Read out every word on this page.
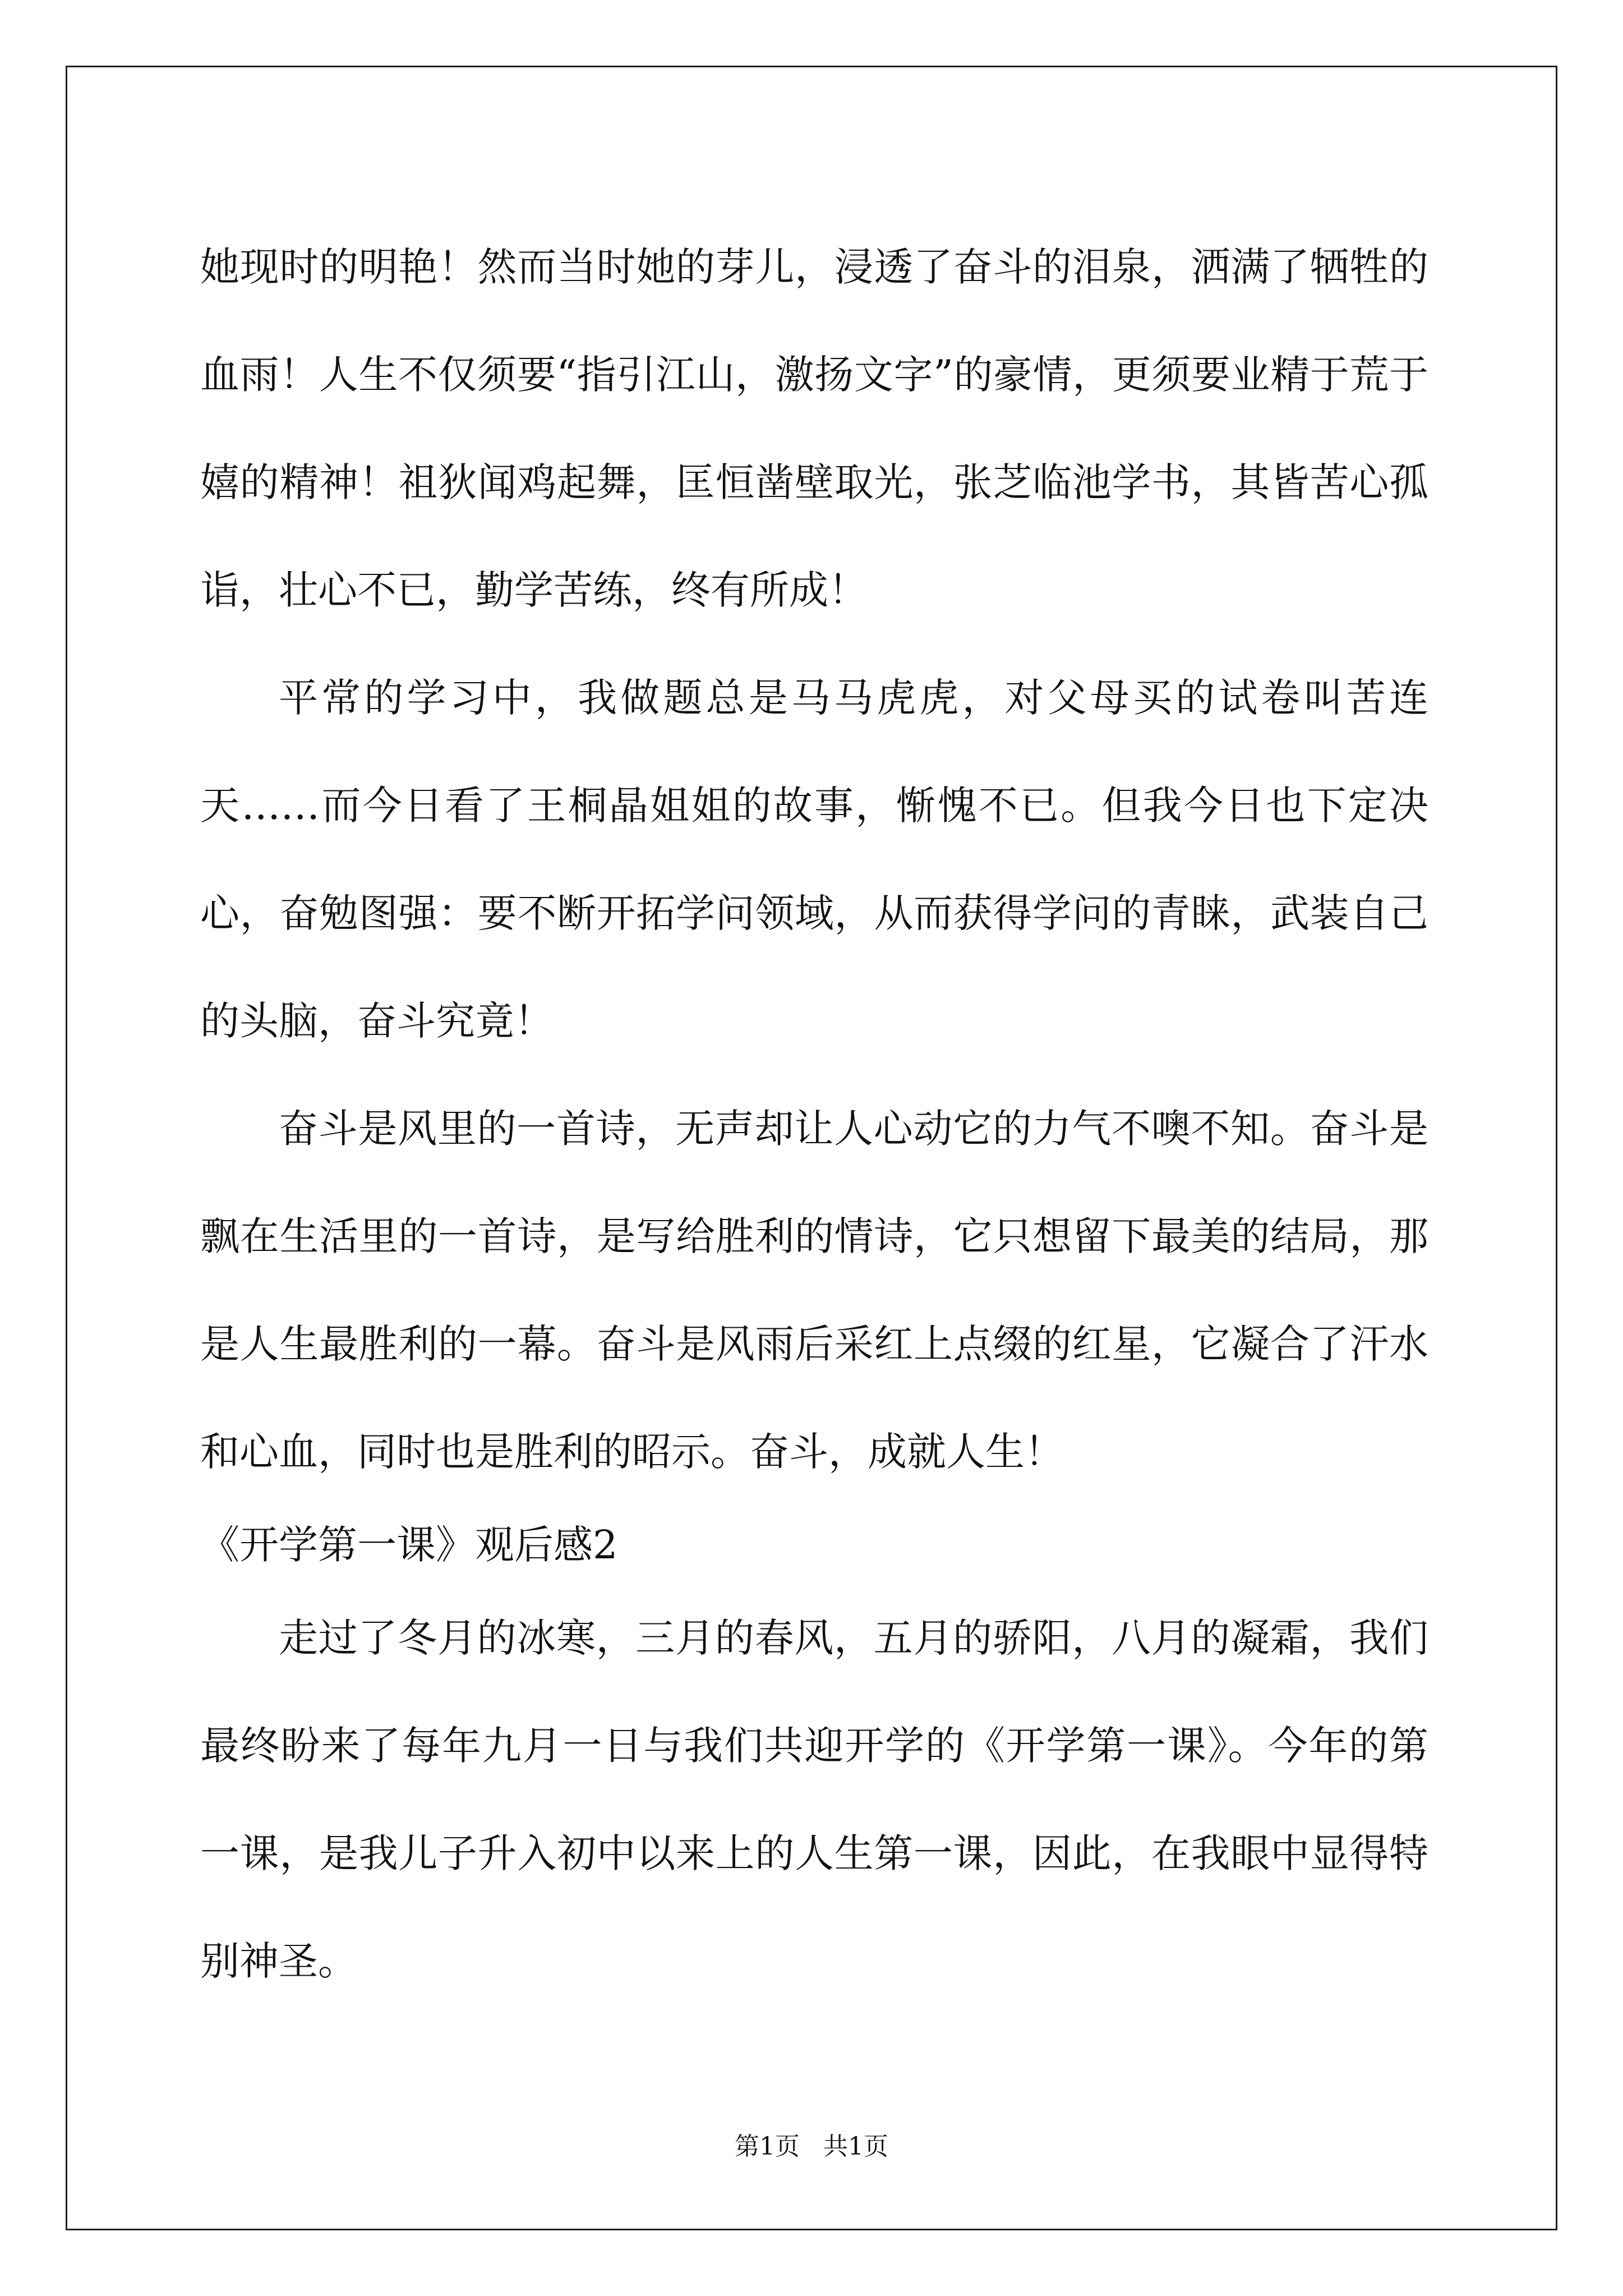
她现时的明艳！然而当时她的芽儿，浸透了奋斗的泪泉，洒满了牺牲的血雨！人生不仅须要“指引江山，激扬文字”的豪情，更须要业精于荒于嬉的精神！祖狄闻鸡起舞，匡恒凿壁取光，张芝临池学书，其皆苦心孤诣，壮心不已，勤学苦练，终有所成！

平常的学习中，我做题总是马马虎虎，对父母买的试卷叫苦连天……而今日看了王桐晶姐姐的故事，惭愧不已。但我今日也下定决心，奋勉图强：要不断开拓学问领域，从而获得学问的青睐，武装自己的头脑，奋斗究竟！

奋斗是风里的一首诗，无声却让人心动它的力气不噢不知。奋斗是飘在生活里的一首诗，是写给胜利的情诗，它只想留下最美的结局，那是人生最胜利的一幕。奋斗是风雨后采红上点缀的红星，它凝合了汗水和心血，同时也是胜利的昭示。奋斗，成就人生！

《开学第一课》观后感2

走过了冬月的冰寒，三月的春风，五月的骄阳，八月的凝霜，我们最终盼来了每年九月一日与我们共迎开学的《开学第一课》。今年的第一课，是我儿子升入初中以来上的人生第一课，因此，在我眼中显得特别神圣。

第1页 共1页
